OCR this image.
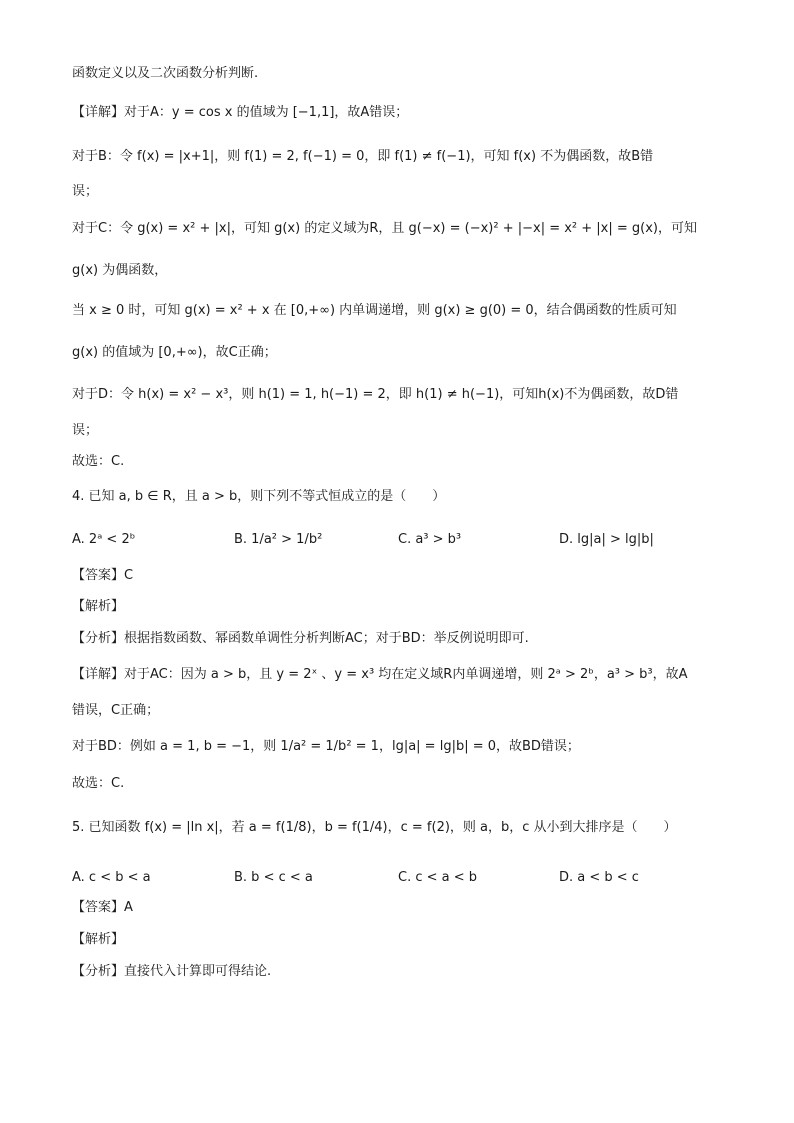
函数定义以及二次函数分析判断.
【详解】对于A：y = cos x 的值域为 [−1,1]，故A错误；
对于B：令 f(x) = |x+1|，则 f(1) = 2, f(−1) = 0，即 f(1) ≠ f(−1)，可知 f(x) 不为偶函数，故B错
误；
对于C：令 g(x) = x² + |x|，可知 g(x) 的定义域为R，且 g(−x) = (−x)² + |−x| = x² + |x| = g(x)，可知
g(x) 为偶函数，
当 x ≥ 0 时，可知 g(x) = x² + x 在 [0,+∞) 内单调递增，则 g(x) ≥ g(0) = 0，结合偶函数的性质可知
g(x) 的值域为 [0,+∞)，故C正确；
对于D：令 h(x) = x² − x³，则 h(1) = 1, h(−1) = 2，即 h(1) ≠ h(−1)，可知h(x)不为偶函数，故D错
误；
故选：C.
4. 已知 a, b ∈ R，且 a > b，则下列不等式恒成立的是（　　）
【答案】C
【解析】
【分析】根据指数函数、幂函数单调性分析判断AC；对于BD：举反例说明即可.
【详解】对于AC：因为 a > b，且 y = 2ˣ 、y = x³ 均在定义域R内单调递增，则 2ᵃ > 2ᵇ，a³ > b³，故A
错误，C正确；
对于BD：例如 a = 1, b = −1，则 1/a² = 1/b² = 1，lg|a| = lg|b| = 0，故BD错误；
故选：C.
5. 已知函数 f(x) = |ln x|，若 a = f(1/8)，b = f(1/4)，c = f(2)，则 a，b，c 从小到大排序是（　　）
【答案】A
【解析】
【分析】直接代入计算即可得结论.
A. 2ᵃ < 2ᵇ	B. 1/a² > 1/b²	C. a³ > b³	D. lg|a| > lg|b|
A. c < b < a	B. b < c < a	C. c < a < b	D. a < b < c
